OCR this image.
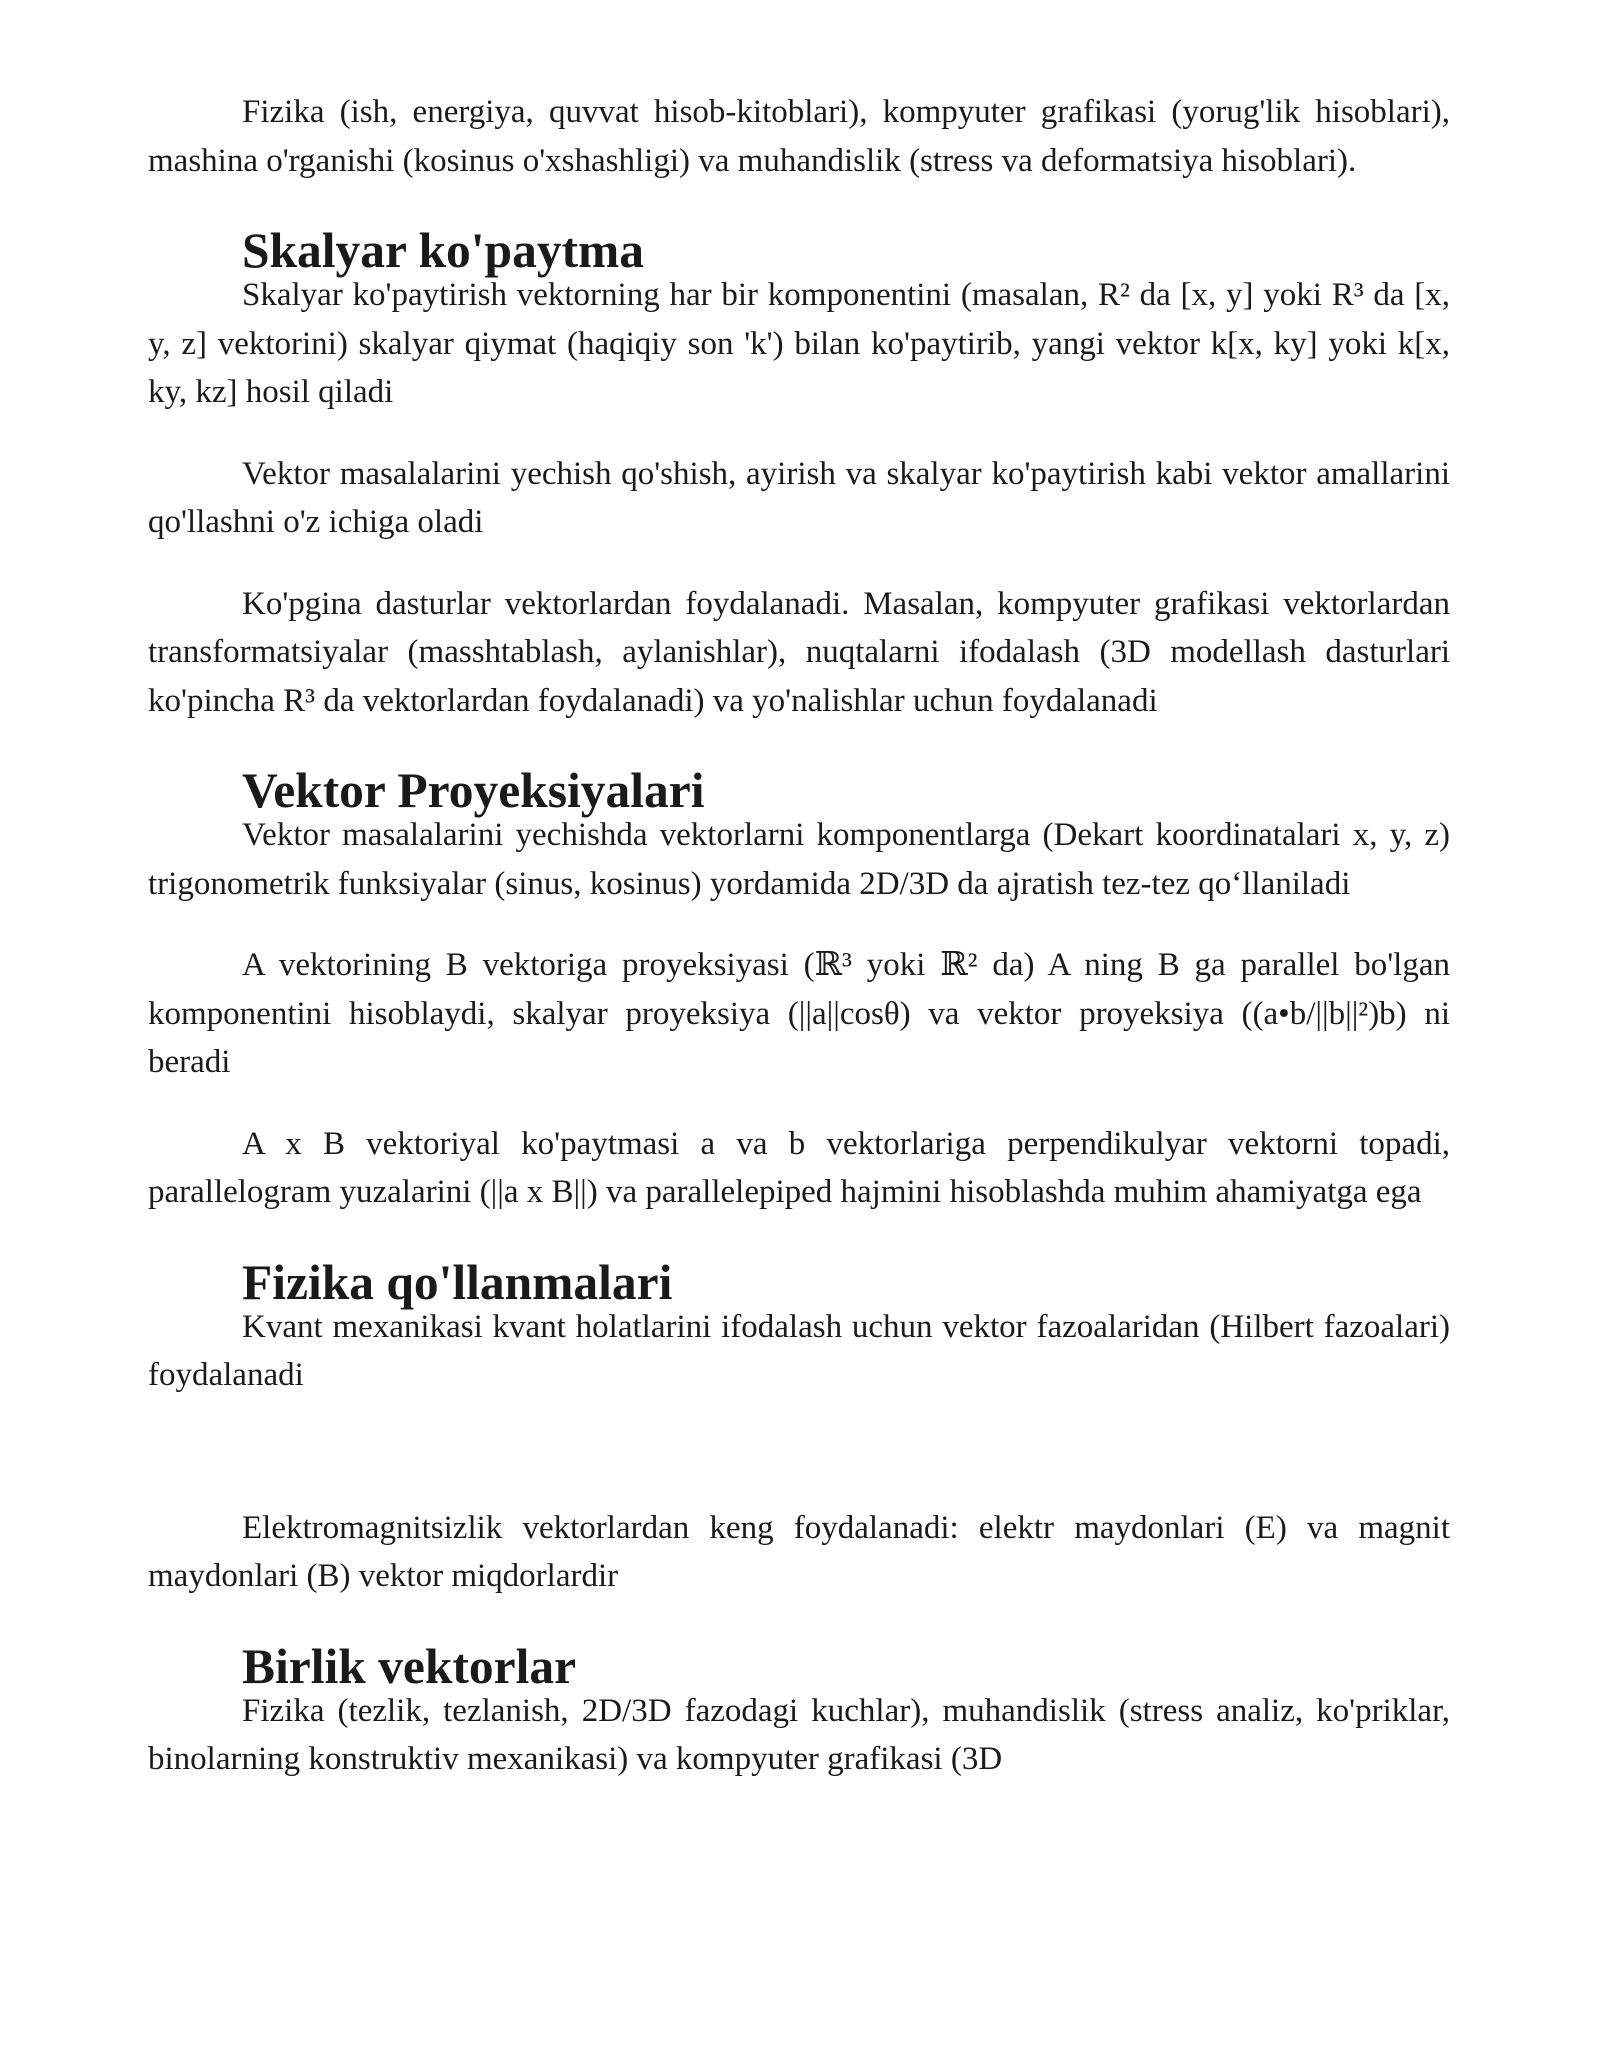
Fizika (ish, energiya, quvvat hisob-kitoblari), kompyuter grafikasi (yorug'lik hisoblari), mashina o'rganishi (kosinus o'xshashligi) va muhandislik (stress va deformatsiya hisoblari).

Skalyar ko'paytma

Skalyar ko'paytirish vektorning har bir komponentini (masalan, R² da [x, y] yoki R³ da [x, y, z] vektorini) skalyar qiymat (haqiqiy son 'k') bilan ko'paytirib, yangi vektor k[x, ky] yoki k[x, ky, kz] hosil qiladi

Vektor masalalarini yechish qo'shish, ayirish va skalyar ko'paytirish kabi vektor amallarini qo'llashni o'z ichiga oladi

Ko'pgina dasturlar vektorlardan foydalanadi. Masalan, kompyuter grafikasi vektorlardan transformatsiyalar (masshtablash, aylanishlar), nuqtalarni ifodalash (3D modellash dasturlari ko'pincha R³ da vektorlardan foydalanadi) va yo'nalishlar uchun foydalanadi

Vektor Proyeksiyalari

Vektor masalalarini yechishda vektorlarni komponentlarga (Dekart koordinatalari x, y, z) trigonometrik funksiyalar (sinus, kosinus) yordamida 2D/3D da ajratish tez-tez qo‘llaniladi

A vektorining B vektoriga proyeksiyasi (ℝ³ yoki ℝ² da) A ning B ga parallel bo'lgan komponentini hisoblaydi, skalyar proyeksiya (||a||cosθ) va vektor proyeksiya ((a•b/||b||²)b) ni beradi

A x B vektoriyal ko'paytmasi a va b vektorlariga perpendikulyar vektorni topadi, parallelogram yuzalarini (||a x B||) va parallelepiped hajmini hisoblashda muhim ahamiyatga ega

Fizika qo'llanmalari

Kvant mexanikasi kvant holatlarini ifodalash uchun vektor fazoalaridan (Hilbert fazoalari) foydalanadi

Elektromagnitsizlik vektorlardan keng foydalanadi: elektr maydonlari (E) va magnit maydonlari (B) vektor miqdorlardir

Birlik vektorlar

Fizika (tezlik, tezlanish, 2D/3D fazodagi kuchlar), muhandislik (stress analiz, ko'priklar, binolarning konstruktiv mexanikasi) va kompyuter grafikasi (3D
